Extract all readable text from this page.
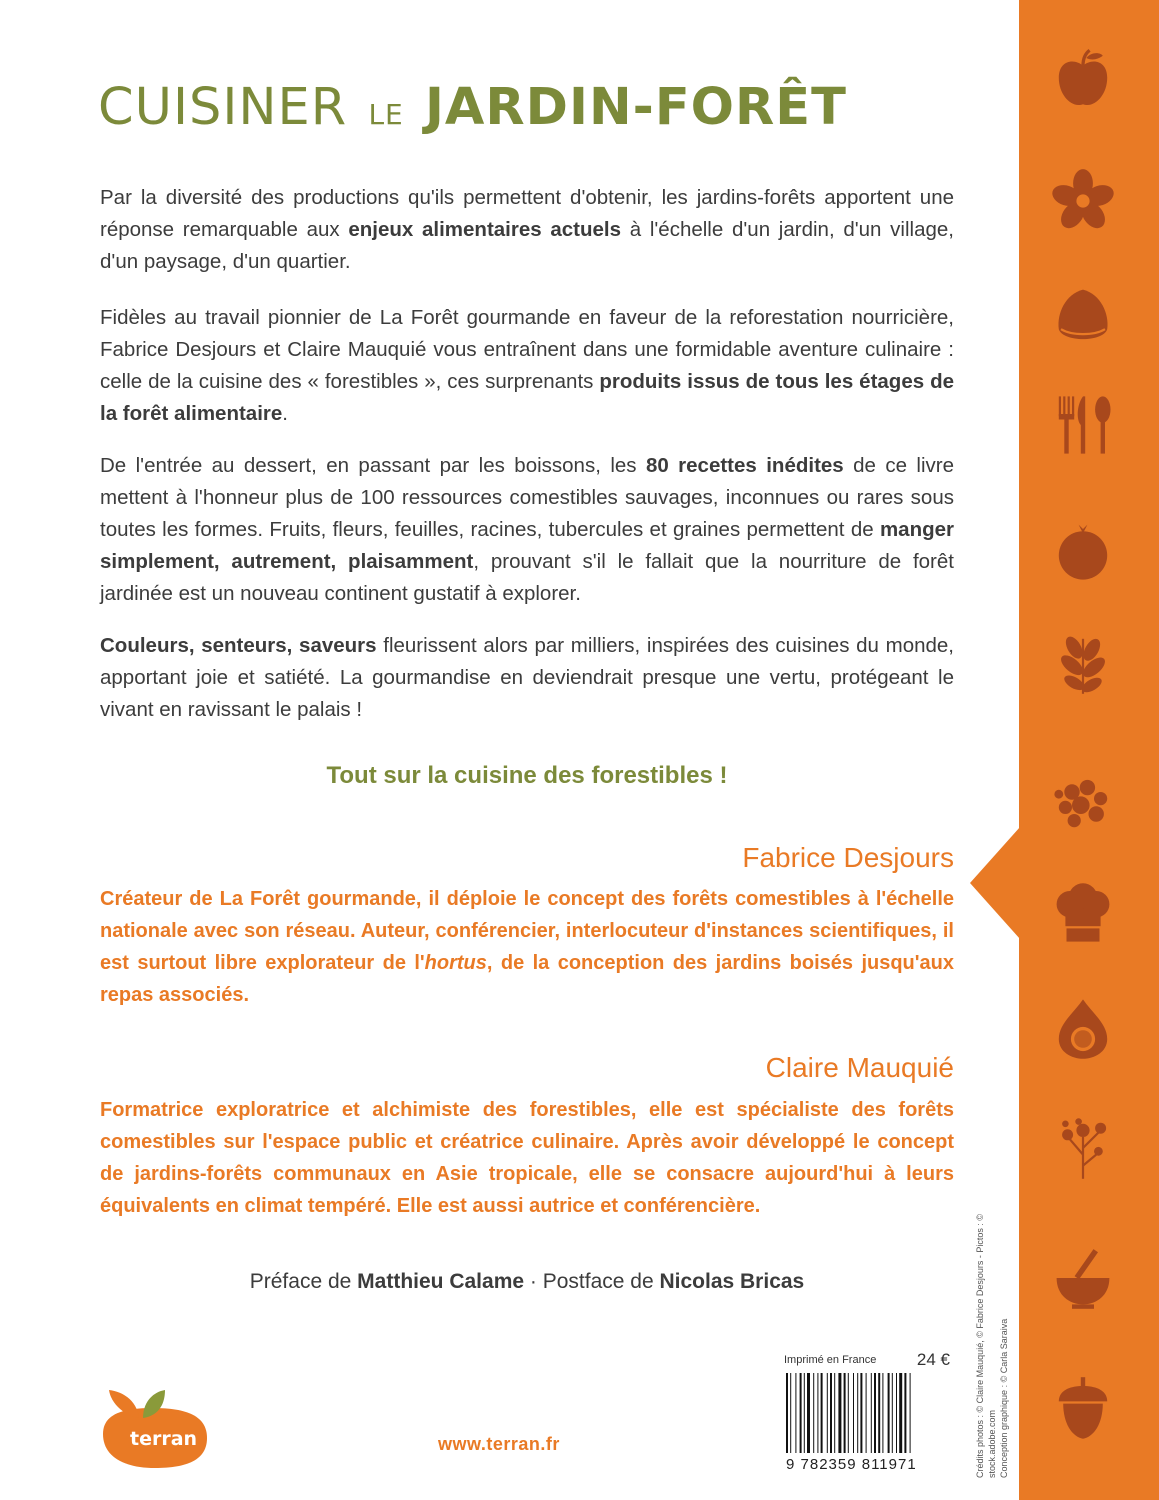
CUISINER LE JARDIN-FORÊT

Par la diversité des productions qu'ils permettent d'obtenir, les jardins-forêts apportent une réponse remarquable aux enjeux alimentaires actuels à l'échelle d'un jardin, d'un village, d'un paysage, d'un quartier.

Fidèles au travail pionnier de La Forêt gourmande en faveur de la reforestation nourricière, Fabrice Desjours et Claire Mauquié vous entraînent dans une formidable aventure culinaire : celle de la cuisine des « forestibles », ces surprenants produits issus de tous les étages de la forêt alimentaire.

De l'entrée au dessert, en passant par les boissons, les 80 recettes inédites de ce livre mettent à l'honneur plus de 100 ressources comestibles sauvages, inconnues ou rares sous toutes les formes. Fruits, fleurs, feuilles, racines, tubercules et graines permettent de manger simplement, autrement, plaisamment, prouvant s'il le fallait que la nourriture de forêt jardinée est un nouveau continent gustatif à explorer.

Couleurs, senteurs, saveurs fleurissent alors par milliers, inspirées des cuisines du monde, apportant joie et satiété. La gourmandise en deviendrait presque une vertu, protégeant le vivant en ravissant le palais !

Tout sur la cuisine des forestibles !

Fabrice Desjours

Créateur de La Forêt gourmande, il déploie le concept des forêts comestibles à l'échelle nationale avec son réseau. Auteur, conférencier, interlocuteur d'instances scientifiques, il est surtout libre explorateur de l'hortus, de la conception des jardins boisés jusqu'aux repas associés.

Claire Mauquié

Formatrice exploratrice et alchimiste des forestibles, elle est spécialiste des forêts comestibles sur l'espace public et créatrice culinaire. Après avoir développé le concept de jardins-forêts communaux en Asie tropicale, elle se consacre aujourd'hui à leurs équivalents en climat tempéré. Elle est aussi autrice et conférencière.

Préface de Matthieu Calame · Postface de Nicolas Bricas

terran	www.terran.fr

Imprimé en France 24 €
9 782359 811971	Crédits photos : © Claire Mauquié, © Fabrice Desjours - Pictos : © stock.adobe.com Conception graphique : © Carla Saraiva
